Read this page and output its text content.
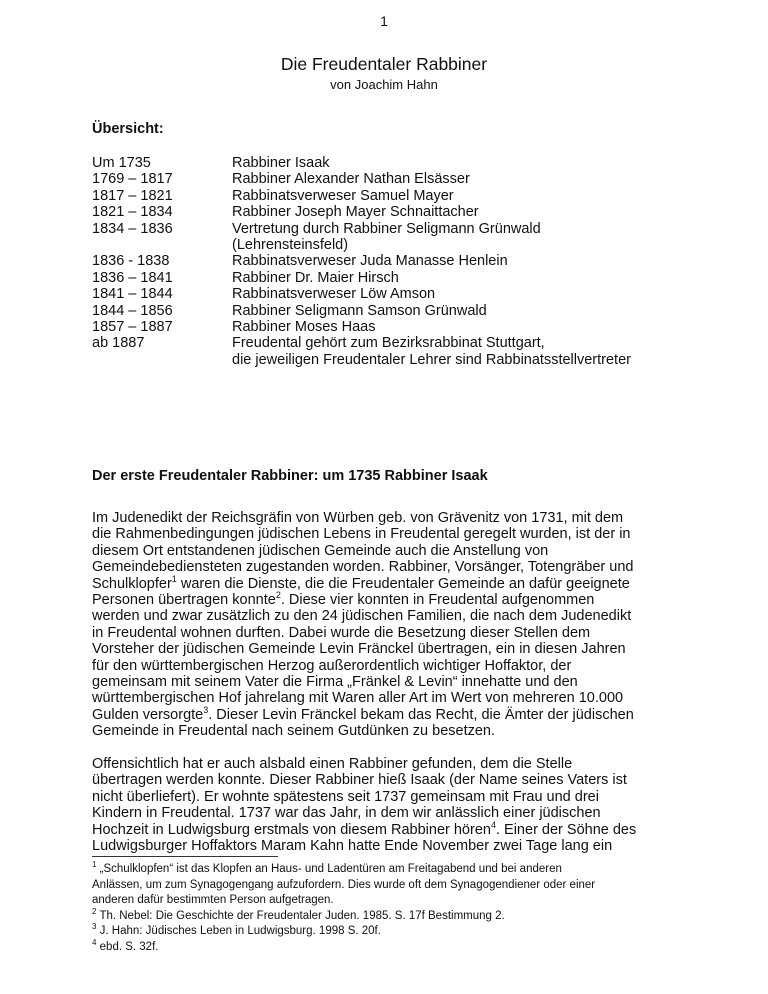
1
Die Freudentaler Rabbiner
von Joachim Hahn
Übersicht:
Um 1735	Rabbiner Isaak
1769 – 1817	Rabbiner Alexander Nathan Elsässer
1817 – 1821	Rabbinatsverweser Samuel Mayer
1821 – 1834	Rabbiner Joseph Mayer Schnaittacher
1834 – 1836	Vertretung durch Rabbiner Seligmann Grünwald
(Lehrensteinsfeld)
1836 - 1838	Rabbinatsverweser Juda Manasse Henlein
1836 – 1841	Rabbiner Dr. Maier Hirsch
1841 – 1844	Rabbinatsverweser Löw Amson
1844 – 1856	Rabbiner Seligmann Samson Grünwald
1857 – 1887	Rabbiner Moses Haas
ab 1887	Freudental gehört zum Bezirksrabbinat Stuttgart,
die jeweiligen Freudentaler Lehrer sind Rabbinatsstellvertreter
Der erste Freudentaler Rabbiner: um 1735 Rabbiner Isaak

Im Judenedikt der Reichsgräfin von Würben geb. von Grävenitz von 1731, mit dem
die Rahmenbedingungen jüdischen Lebens in Freudental geregelt wurden, ist der in
diesem Ort entstandenen jüdischen Gemeinde auch die Anstellung von
Gemeindebediensteten zugestanden worden. Rabbiner, Vorsänger, Totengräber und
Schulklopfer$^1$ waren die Dienste, die die Freudentaler Gemeinde an dafür geeignete
Personen übertragen konnte$^2$. Diese vier konnten in Freudental aufgenommen
werden und zwar zusätzlich zu den 24 jüdischen Familien, die nach dem Judenedikt
in Freudental wohnen durften. Dabei wurde die Besetzung dieser Stellen dem
Vorsteher der jüdischen Gemeinde Levin Fränckel übertragen, ein in diesen Jahren
für den württembergischen Herzog außerordentlich wichtiger Hoffaktor, der
gemeinsam mit seinem Vater die Firma „Fränkel & Levin“ innehatte und den
württembergischen Hof jahrelang mit Waren aller Art im Wert von mehreren 10.000
Gulden versorgte$^3$. Dieser Levin Fränckel bekam das Recht, die Ämter der jüdischen
Gemeinde in Freudental nach seinem Gutdünken zu besetzen.

Offensichtlich hat er auch alsbald einen Rabbiner gefunden, dem die Stelle
übertragen werden konnte. Dieser Rabbiner hieß Isaak (der Name seines Vaters ist
nicht überliefert). Er wohnte spätestens seit 1737 gemeinsam mit Frau und drei
Kindern in Freudental. 1737 war das Jahr, in dem wir anlässlich einer jüdischen
Hochzeit in Ludwigsburg erstmals von diesem Rabbiner hören$^4$. Einer der Söhne des
Ludwigsburger Hoffaktors Maram Kahn hatte Ende November zwei Tage lang ein

$^1$ „Schulklopfen“ ist das Klopfen an Haus- und Ladentüren am Freitagabend und bei anderen
Anlässen, um zum Synagogengang aufzufordern. Dies wurde oft dem Synagogendiener oder einer
anderen dafür bestimmten Person aufgetragen.
$^2$ Th. Nebel: Die Geschichte der Freudentaler Juden. 1985. S. 17f Bestimmung 2.
$^3$ J. Hahn: Jüdisches Leben in Ludwigsburg. 1998 S. 20f.
$^4$ ebd. S. 32f.
